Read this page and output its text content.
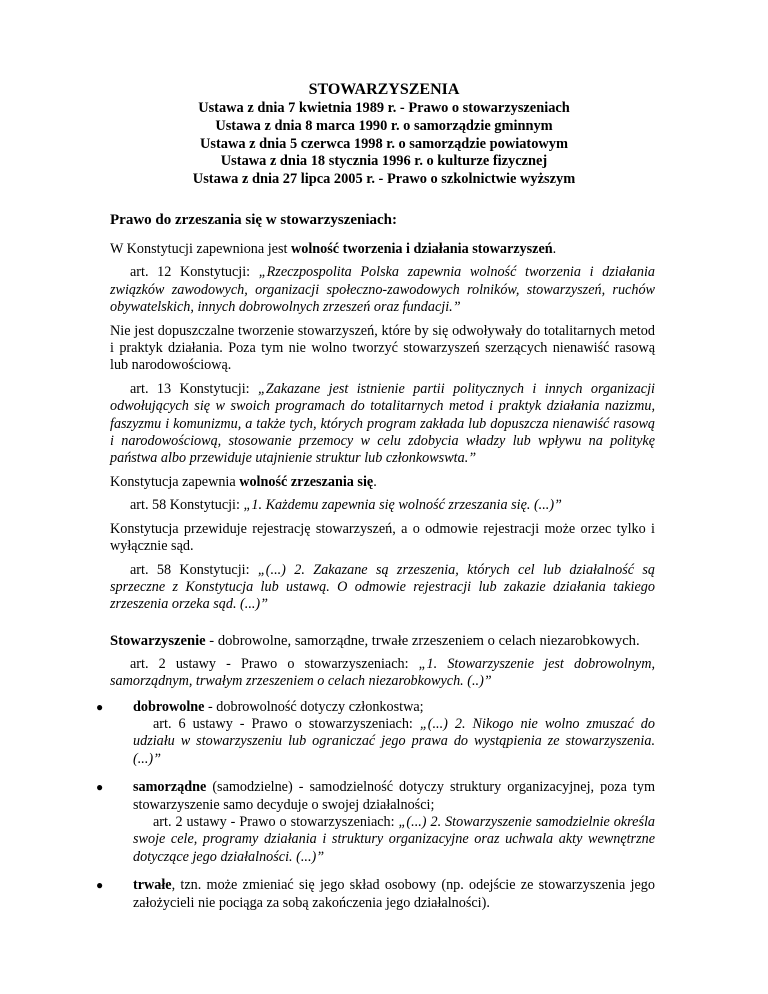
STOWARZYSZENIA
Ustawa z dnia 7 kwietnia 1989 r. - Prawo o stowarzyszeniach
Ustawa z dnia 8 marca 1990 r. o samorządzie gminnym
Ustawa z dnia 5 czerwca 1998 r. o samorządzie powiatowym
Ustawa z dnia 18 stycznia 1996 r. o kulturze fizycznej
Ustawa z dnia 27 lipca 2005 r. - Prawo o szkolnictwie wyższym

Prawo do zrzeszania się w stowarzyszeniach:

W Konstytucji zapewniona jest wolność tworzenia i działania stowarzyszeń.

art. 12 Konstytucji: „Rzeczpospolita Polska zapewnia wolność tworzenia i działania związków zawodowych, organizacji społeczno-zawodowych rolników, stowarzyszeń, ruchów obywatelskich, innych dobrowolnych zrzeszeń oraz fundacji.”

Nie jest dopuszczalne tworzenie stowarzyszeń, które by się odwoływały do totalitarnych metod i praktyk działania. Poza tym nie wolno tworzyć stowarzyszeń szerzących nienawiść rasową lub narodowościową.

art. 13 Konstytucji: „Zakazane jest istnienie partii politycznych i innych organizacji odwołujących się w swoich programach do totalitarnych metod i praktyk działania nazizmu, faszyzmu i komunizmu, a także tych, których program zakłada lub dopuszcza nienawiść rasową i narodowościową, stosowanie przemocy w celu zdobycia władzy lub wpływu na politykę państwa albo przewiduje utajnienie struktur lub członkowswta.”

Konstytucja zapewnia wolność zrzeszania się.

art. 58 Konstytucji: „1. Każdemu zapewnia się wolność zrzeszania się. (...)”

Konstytucja przewiduje rejestrację stowarzyszeń, a o odmowie rejestracji może orzec tylko i wyłącznie sąd.

art. 58 Konstytucji: „(...) 2. Zakazane są zrzeszenia, których cel lub działalność są sprzeczne z Konstytucja lub ustawą. O odmowie rejestracji lub zakazie działania takiego zrzeszenia orzeka sąd. (...)”

Stowarzyszenie - dobrowolne, samorządne, trwałe zrzeszeniem o celach niezarobkowych.

art. 2 ustawy - Prawo o stowarzyszeniach: „1. Stowarzyszenie jest dobrowolnym, samorządnym, trwałym zrzeszeniem o celach niezarobkowych. (..)”

● dobrowolne - dobrowolność dotyczy członkostwa;

art. 6 ustawy - Prawo o stowarzyszeniach: „(...) 2. Nikogo nie wolno zmuszać do udziału w stowarzyszeniu lub ograniczać jego prawa do wystąpienia ze stowarzyszenia. (...)”

● samorządne (samodzielne) - samodzielność dotyczy struktury organizacyjnej, poza tym stowarzyszenie samo decyduje o swojej działalności;

art. 2 ustawy - Prawo o stowarzyszeniach: „(...) 2. Stowarzyszenie samodzielnie określa swoje cele, programy działania i struktury organizacyjne oraz uchwala akty wewnętrzne dotyczące jego działalności. (...)”

● trwałe, tzn. może zmieniać się jego skład osobowy (np. odejście ze stowarzyszenia jego założycieli nie pociąga za sobą zakończenia jego działalności).
